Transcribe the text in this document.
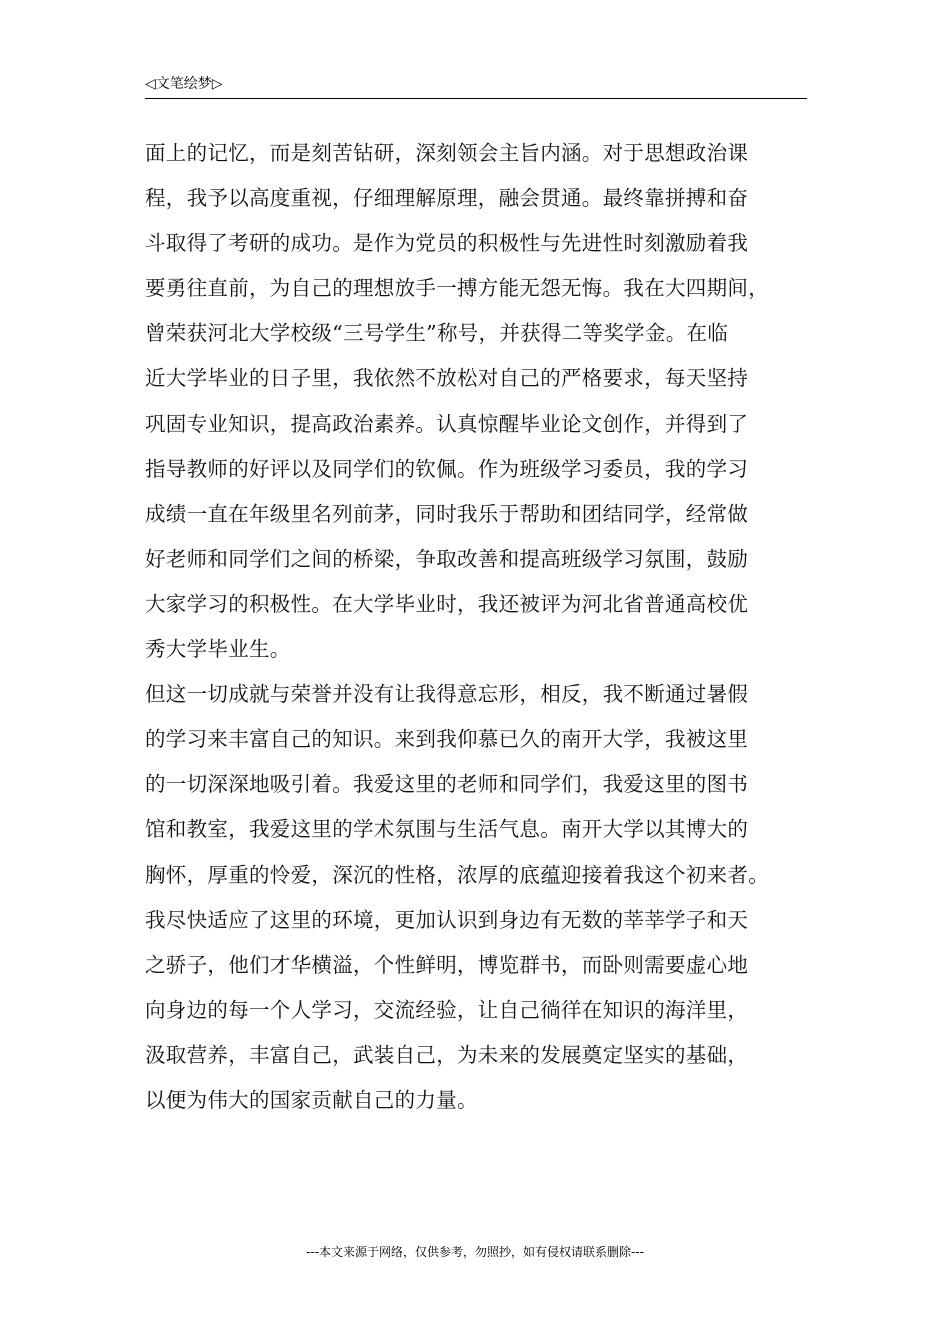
◁文笔绘梦▷
面上的记忆，而是刻苦钻研，深刻领会主旨内涵。对于思想政治课
程，我予以高度重视，仔细理解原理，融会贯通。最终靠拼搏和奋
斗取得了考研的成功。是作为党员的积极性与先进性时刻激励着我
要勇往直前，为自己的理想放手一搏方能无怨无悔。我在大四期间，
曾荣获河北大学校级“三号学生”称号，并获得二等奖学金。在临
近大学毕业的日子里，我依然不放松对自己的严格要求，每天坚持
巩固专业知识，提高政治素养。认真惊醒毕业论文创作，并得到了
指导教师的好评以及同学们的钦佩。作为班级学习委员，我的学习
成绩一直在年级里名列前茅，同时我乐于帮助和团结同学，经常做
好老师和同学们之间的桥梁，争取改善和提高班级学习氛围，鼓励
大家学习的积极性。在大学毕业时，我还被评为河北省普通高校优
秀大学毕业生。
但这一切成就与荣誉并没有让我得意忘形，相反，我不断通过暑假
的学习来丰富自己的知识。来到我仰慕已久的南开大学，我被这里
的一切深深地吸引着。我爱这里的老师和同学们，我爱这里的图书
馆和教室，我爱这里的学术氛围与生活气息。南开大学以其博大的
胸怀，厚重的怜爱，深沉的性格，浓厚的底蕴迎接着我这个初来者。
我尽快适应了这里的环境，更加认识到身边有无数的莘莘学子和天
之骄子，他们才华横溢，个性鲜明，博览群书，而卧则需要虚心地
向身边的每一个人学习，交流经验，让自己徜徉在知识的海洋里，
汲取营养，丰富自己，武装自己，为未来的发展奠定坚实的基础，
以便为伟大的国家贡献自己的力量。
---本文来源于网络，仅供参考，勿照抄，如有侵权请联系删除---
